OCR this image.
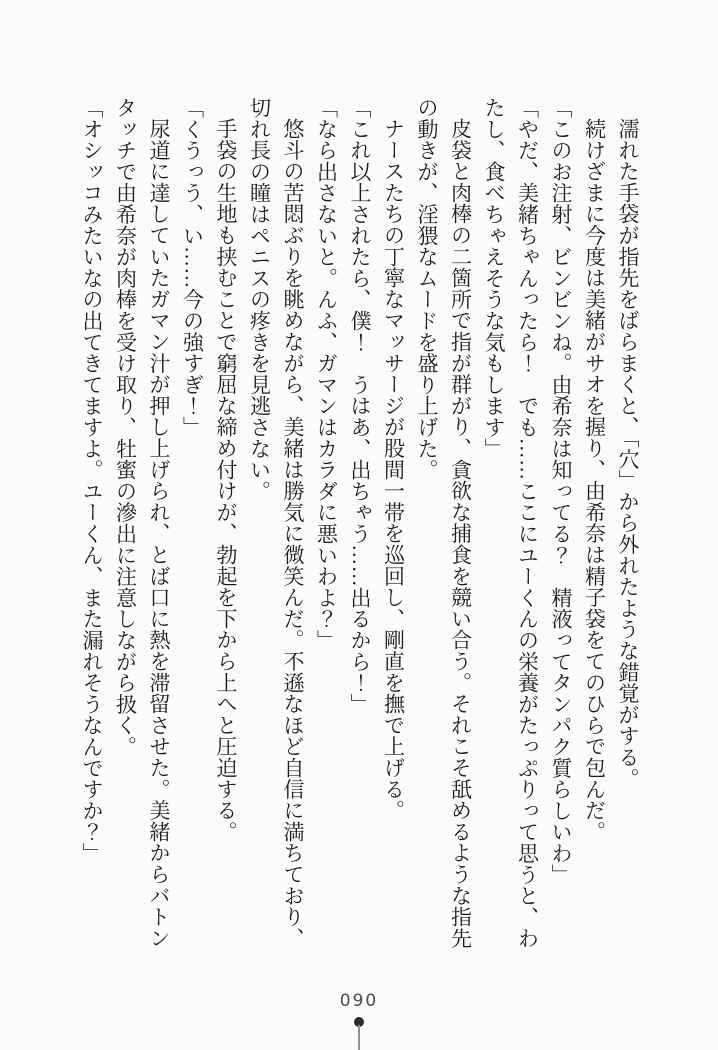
濡れた手袋が指先をばらまくと、「穴」から外れたような錯覚がする。

続けざまに今度は美緒がサオを握り、由希奈は精子袋をてのひらで包んだ。

「このお注射、ビンビンね。由希奈は知ってる？　精液ってタンパク質らしいわ」

「やだ、美緒ちゃんったら！　でも……ここにユーくんの栄養がたっぷりって思うと、わ

たし、食べちゃえそうな気もします」

皮袋と肉棒の二箇所で指が群がり、貪欲な捕食を競い合う。それこそ舐めるような指先

の動きが、淫猥なムードを盛り上げた。

ナースたちの丁寧なマッサージが股間一帯を巡回し、剛直を撫で上げる。

「これ以上されたら、僕！　うはあ、出ちゃう……出るから！」

「なら出さないと。んふ、ガマンはカラダに悪いわよ？」

悠斗の苦悶ぶりを眺めながら、美緒は勝気に微笑んだ。不遜なほど自信に満ちており、

切れ長の瞳はペニスの疼きを見逃さない。

手袋の生地も挟むことで窮屈な締め付けが、勃起を下から上へと圧迫する。

「くうっう、い……今の強すぎ！」

尿道に達していたガマン汁が押し上げられ、とば口に熱を滞留させた。美緒からバトン

タッチで由希奈が肉棒を受け取り、牡蜜の滲出に注意しながら扱く。

「オシッコみたいなの出てきてますよ。ユーくん、また漏れそうなんですか？」

090
